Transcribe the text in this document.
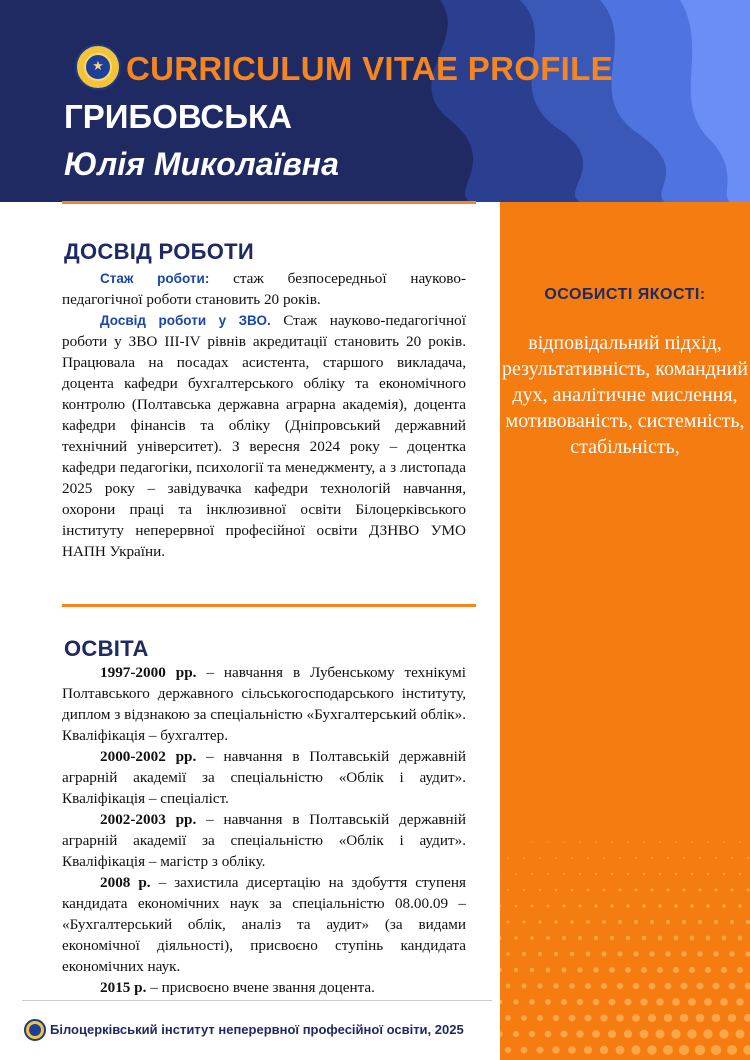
★ CURRICULUM VITAE PROFILE
ГРИБОВСЬКА
Юлія Миколаївна
ОСОБИСТІ ЯКОСТІ:
відповідальний підхід, результативність, командний дух, аналітичне мислення, мотивованість, системність, стабільність,
ДОСВІД РОБОТИ

Стаж роботи: стаж безпосередньої науково-педагогічної роботи становить 20 років.

Досвід роботи у ЗВО. Стаж науково-педагогічної роботи у ЗВО ІІІ-ІV рівнів акредитації становить 20 років. Працювала на посадах асистента, старшого викладача, доцента кафедри бухгалтерського обліку та економічного контролю (Полтавська державна аграрна академія), доцента кафедри фінансів та обліку (Дніпровський державний технічний університет). З вересня 2024 року – доцентка кафедри педагогіки, психології та менеджменту, а з листопада 2025 року – завідувачка кафедри технологій навчання, охорони праці та інклюзивної освіти Білоцерківського інституту неперервної професійної освіти ДЗНВО УМО НАПН України.

ОСВІТА

1997-2000 рр. – навчання в Лубенському технікумі Полтавського державного сільськогосподарського інституту, диплом з відзнакою за спеціальністю «Бухгалтерський облік». Кваліфікація – бухгалтер.

2000-2002 рр. – навчання в Полтавській державній аграрній академії за спеціальністю «Облік і аудит». Кваліфікація – спеціаліст.

2002-2003 рр. – навчання в Полтавській державній аграрній академії за спеціальністю «Облік і аудит». Кваліфікація – магістр з обліку.

2008 р. – захистила дисертацію на здобуття ступеня кандидата економічних наук за спеціальністю 08.00.09 – «Бухгалтерський облік, аналіз та аудит» (за видами економічної діяльності), присвоєно ступінь кандидата економічних наук.

2015 р. – присвоєно вчене звання доцента.

Білоцерківський інститут неперервної професійної освіти, 2025
